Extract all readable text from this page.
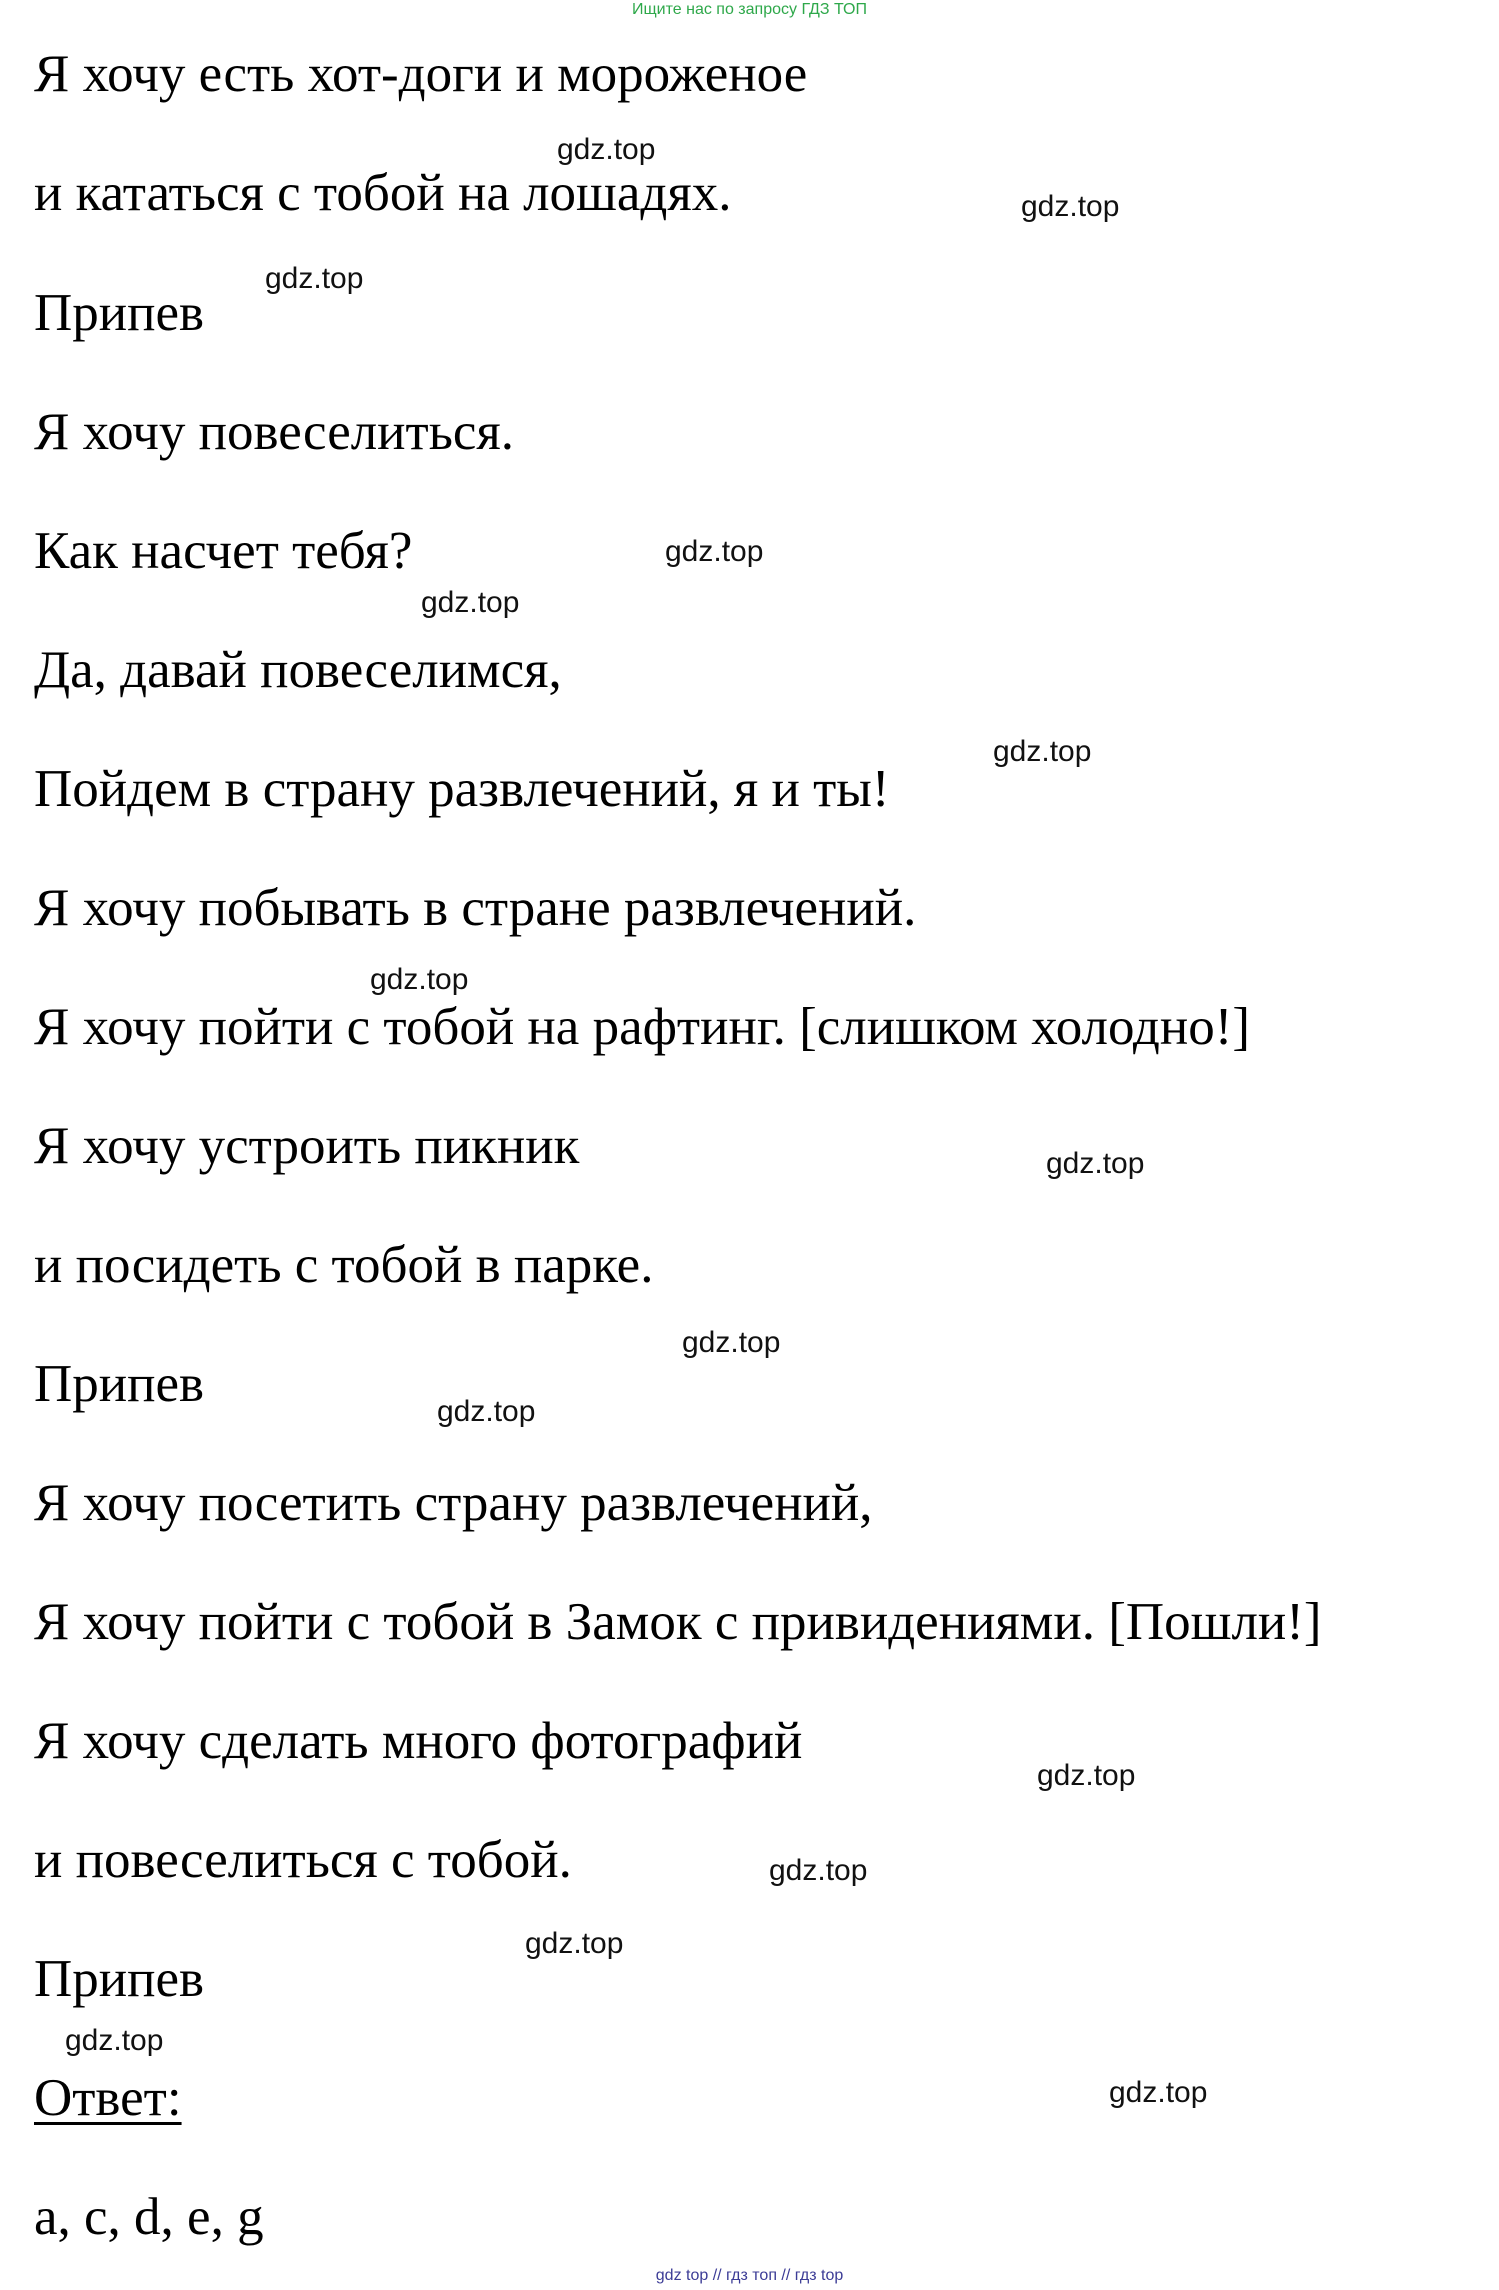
Ищите нас по запросу ГДЗ ТОП
Я хочу есть хот-доги и мороженое
и кататься с тобой на лошадях.
Припев
Я хочу повеселиться.
Как насчет тебя?
Да, давай повеселимся,
Пойдем в страну развлечений, я и ты!
Я хочу побывать в стране развлечений.
Я хочу пойти с тобой на рафтинг. [слишком холодно!]
Я хочу устроить пикник
и посидеть с тобой в парке.
Припев
Я хочу посетить страну развлечений,
Я хочу пойти с тобой в Замок с привидениями. [Пошли!]
Я хочу сделать много фотографий
и повеселиться с тобой.
Припев
Ответ:
a, c, d, e, g
gdz.top
gdz.top
gdz.top
gdz.top
gdz.top
gdz.top
gdz.top
gdz.top
gdz.top
gdz.top
gdz.top
gdz.top
gdz.top
gdz.top
gdz.top
gdz top // гдз топ // гдз top
